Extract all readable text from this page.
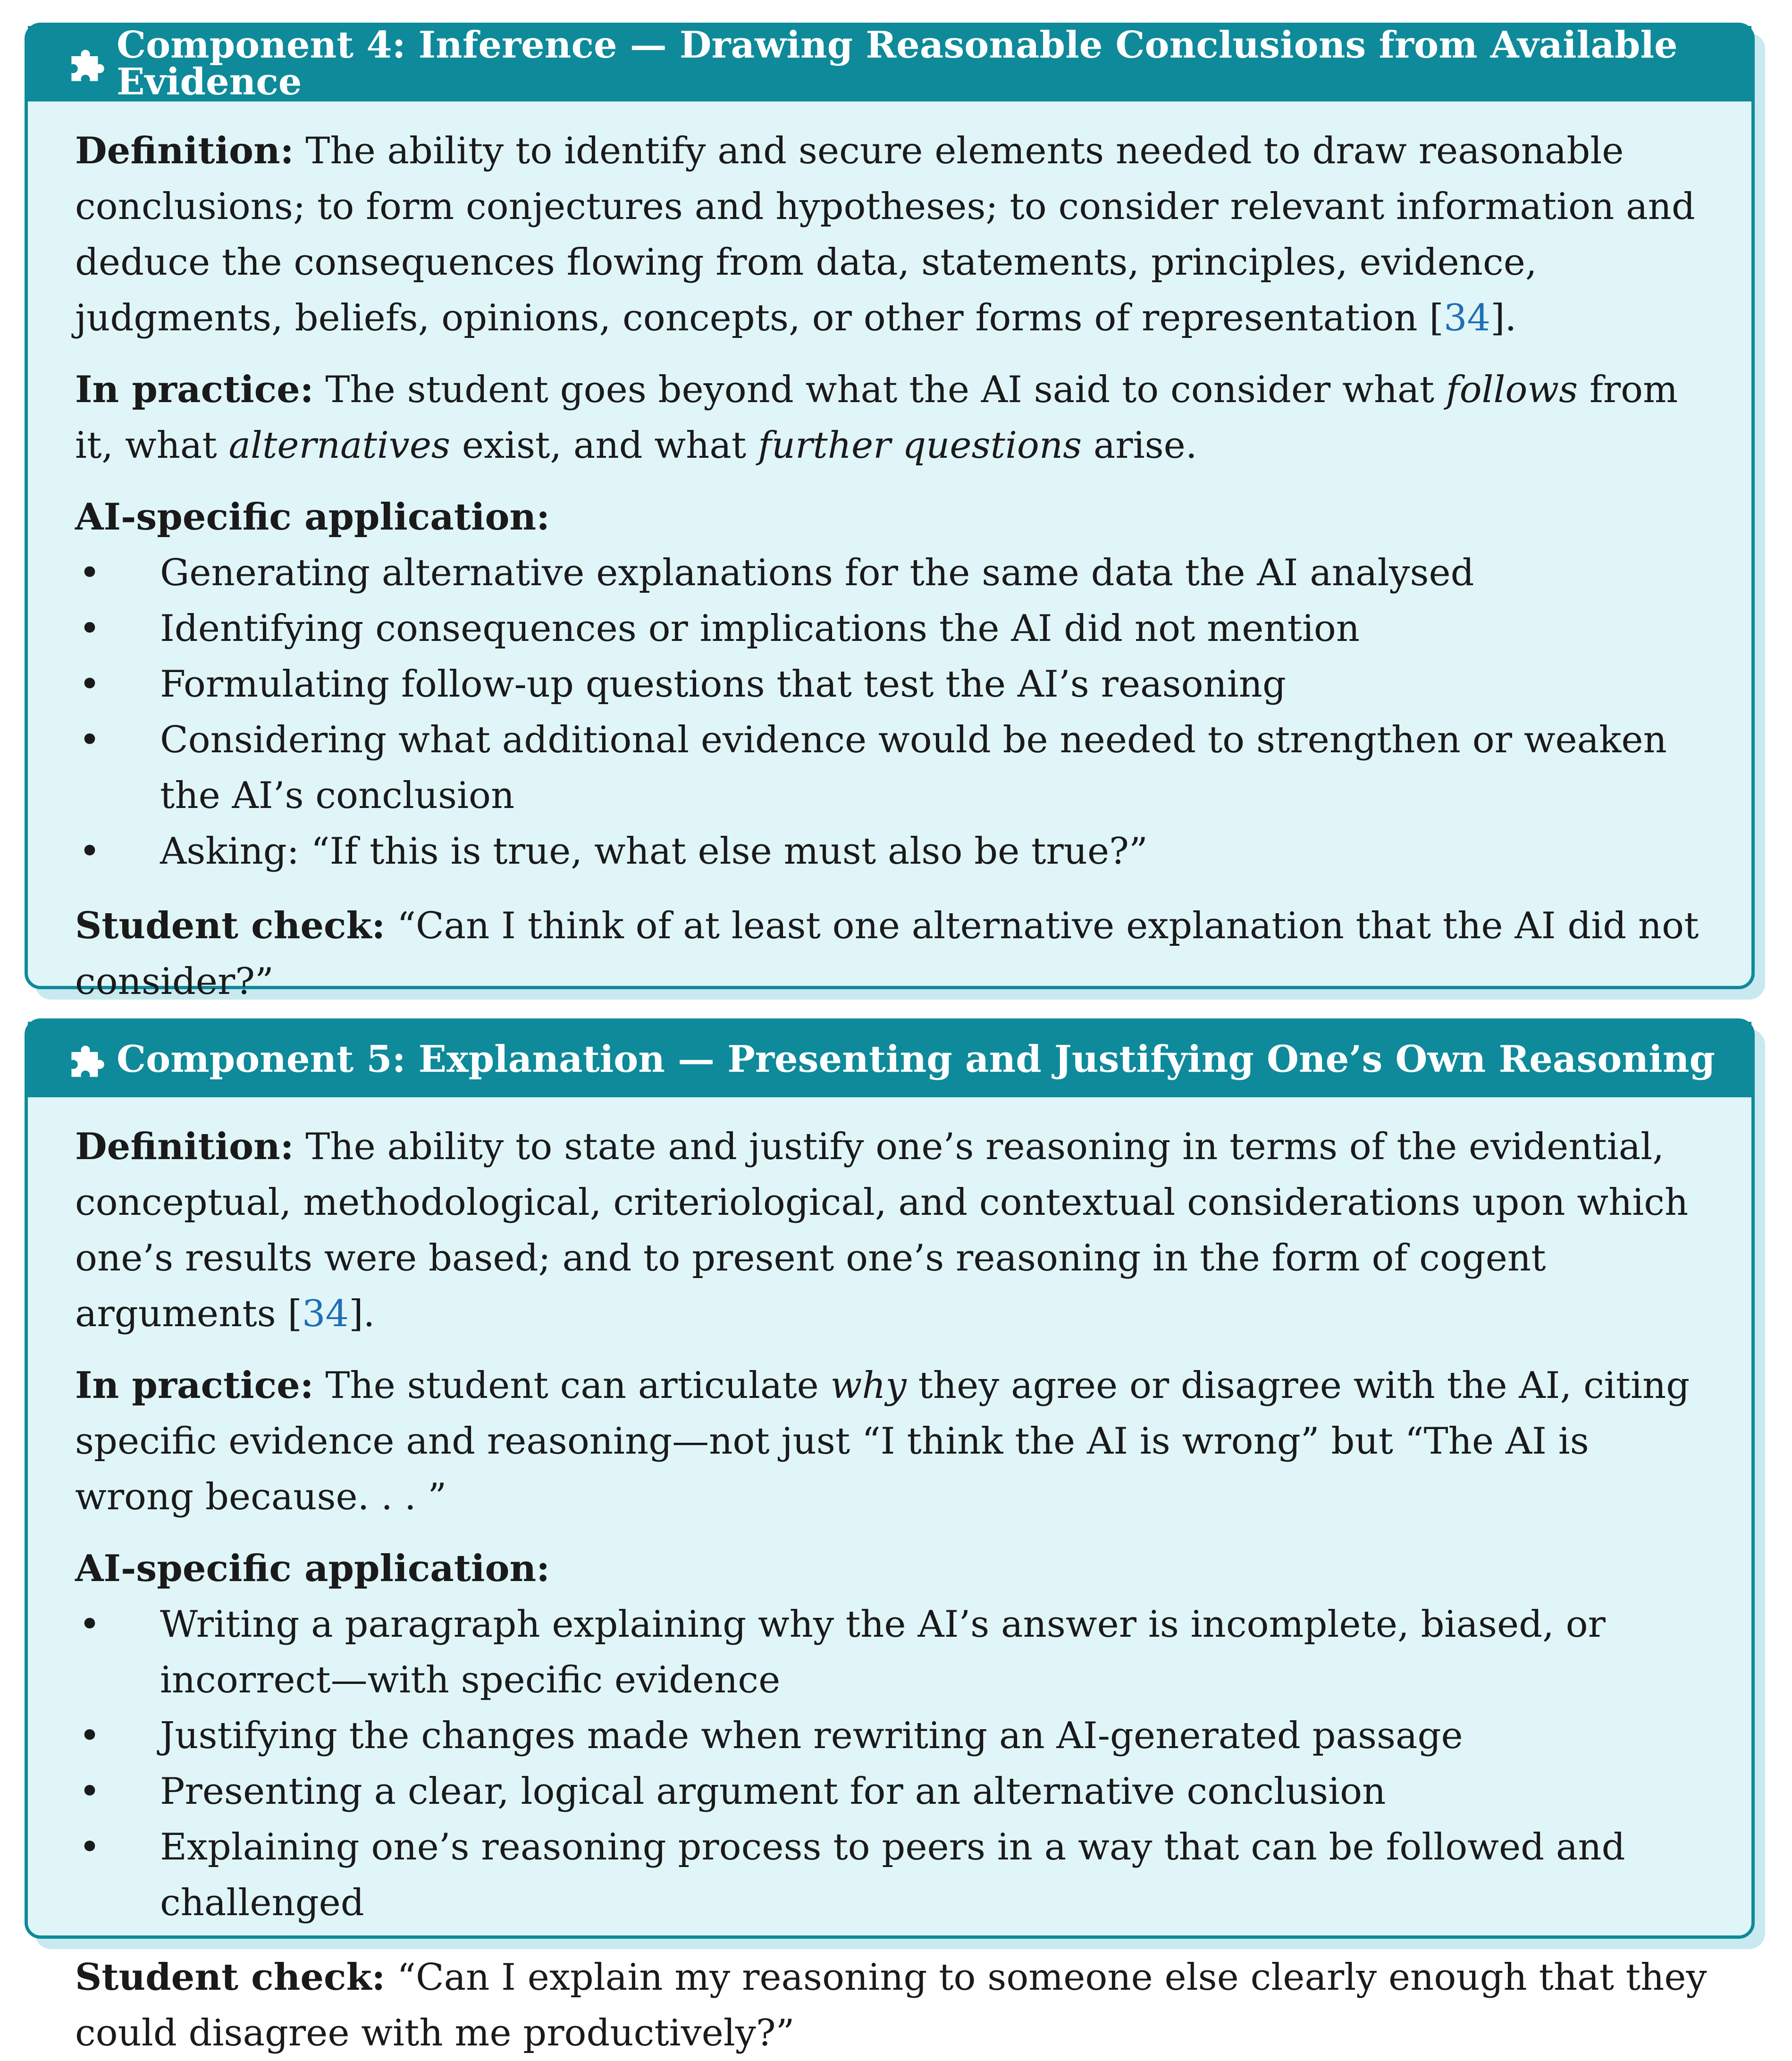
Component 4: Inference — Drawing Reasonable Conclusions from Available Evidence

Definition: The ability to identify and secure elements needed to draw reasonable conclusions; to form conjectures and hypotheses; to consider relevant information and deduce the consequences flowing from data, statements, principles, evidence, judgments, beliefs, opinions, concepts, or other forms of representation [34].

In practice: The student goes beyond what the AI said to consider what follows from it, what alternatives exist, and what further questions arise.

AI-specific application:

• Generating alternative explanations for the same data the AI analysed
• Identifying consequences or implications the AI did not mention
• Formulating follow-up questions that test the AI’s reasoning
• Considering what additional evidence would be needed to strengthen or weaken the AI’s conclusion
• Asking: “If this is true, what else must also be true?”

Student check: “Can I think of at least one alternative explanation that the AI did not consider?”

Component 5: Explanation — Presenting and Justifying One’s Own Reasoning

Definition: The ability to state and justify one’s reasoning in terms of the evidential, conceptual, methodological, criteriological, and contextual considerations upon which one’s results were based; and to present one’s reasoning in the form of cogent arguments [34].

In practice: The student can articulate why they agree or disagree with the AI, citing specific evidence and reasoning—not just “I think the AI is wrong” but “The AI is wrong because. . . ”

AI-specific application:

• Writing a paragraph explaining why the AI’s answer is incomplete, biased, or incorrect—with specific evidence
• Justifying the changes made when rewriting an AI-generated passage
• Presenting a clear, logical argument for an alternative conclusion
• Explaining one’s reasoning process to peers in a way that can be followed and challenged

Student check: “Can I explain my reasoning to someone else clearly enough that they could disagree with me productively?”
